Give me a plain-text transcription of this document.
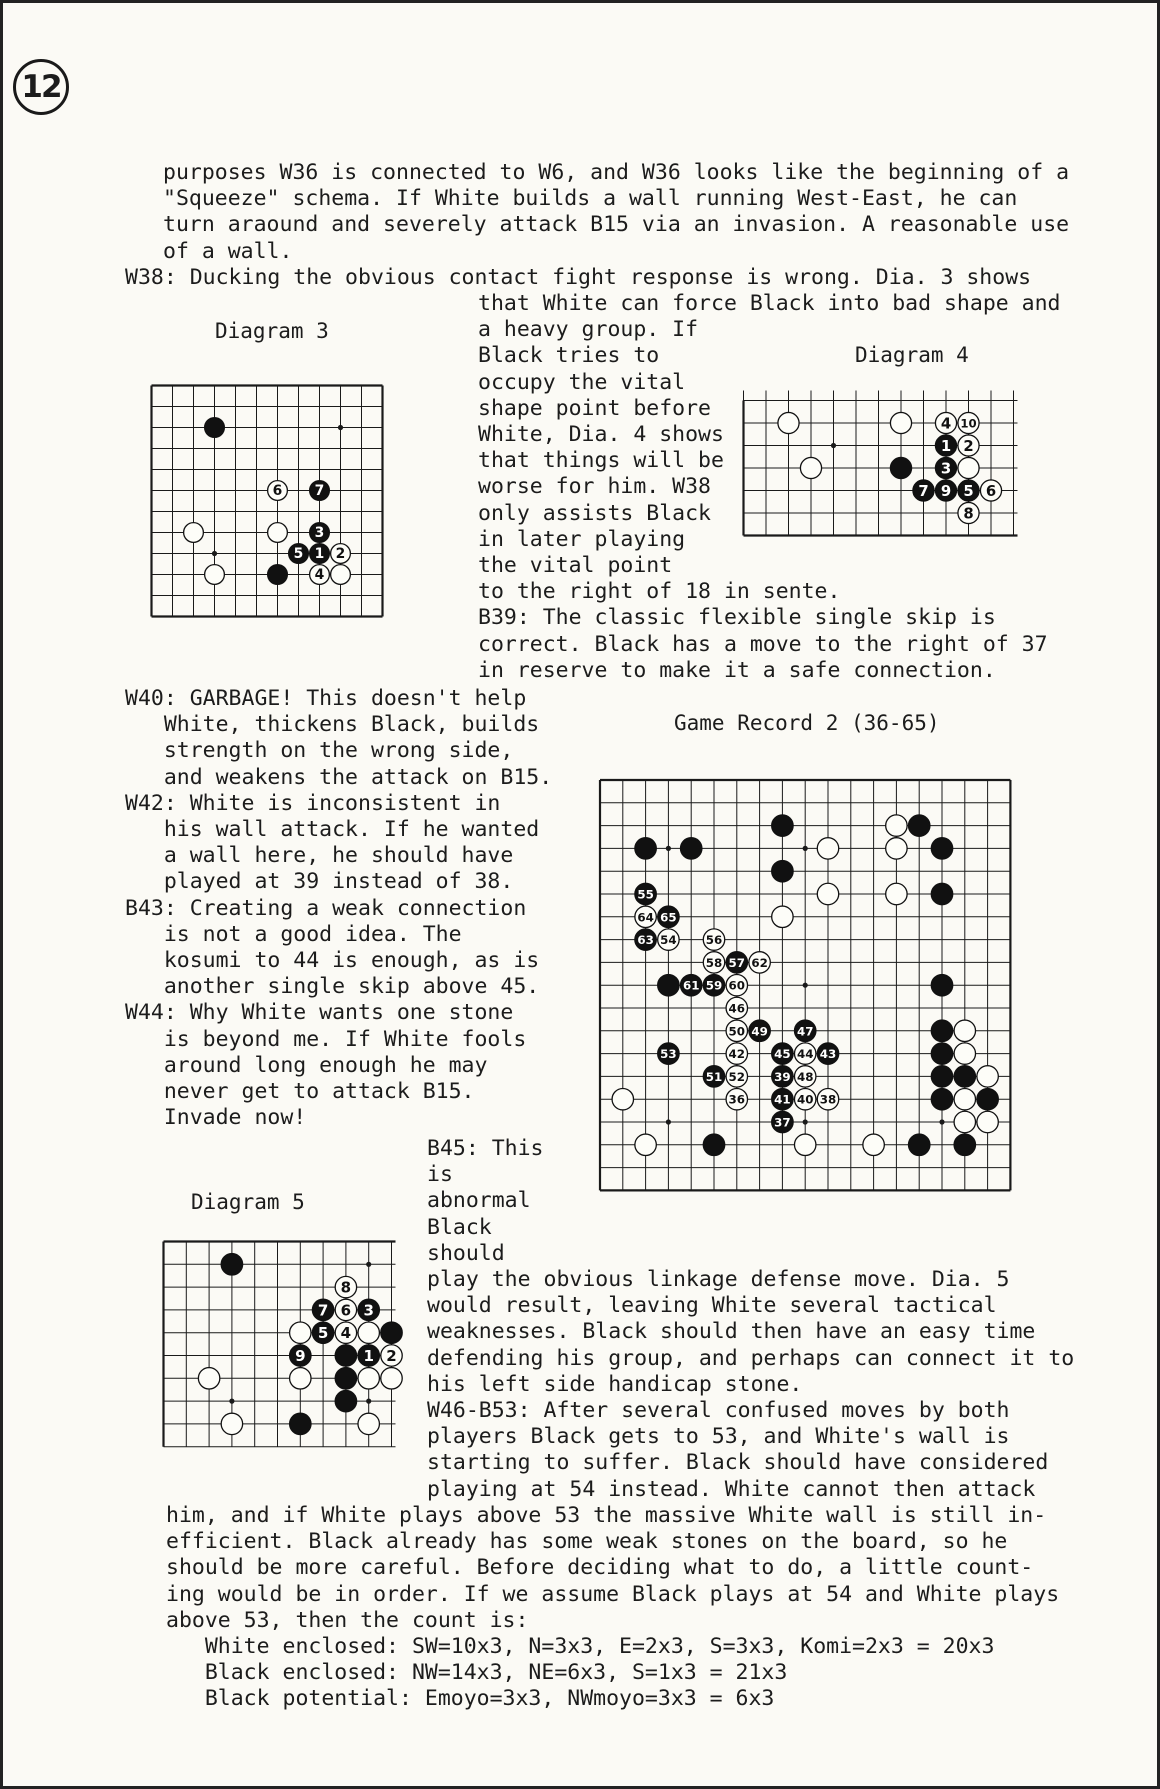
12
purposes W36 is connected to W6, and W36 looks like the beginning of a
"Squeeze" schema. If White builds a wall running West-East, he can
turn araound and severely attack B15 via an invasion. A reasonable use
of a wall.
W38: Ducking the obvious contact fight response is wrong. Dia. 3 shows
that White can force Black into bad shape and
a heavy group. If
Black tries to
occupy the vital
shape point before
White, Dia. 4 shows
that things will be
worse for him. W38
only assists Black
in later playing
the vital point
to the right of 18 in sente.
B39: The classic flexible single skip is
correct. Black has a move to the right of 37
in reserve to make it a safe connection.
W40: GARBAGE! This doesn't help
White, thickens Black, builds
strength on the wrong side,
and weakens the attack on B15.
W42: White is inconsistent in
his wall attack. If he wanted
a wall here, he should have
played at 39 instead of 38.
B43: Creating a weak connection
is not a good idea. The
kosumi to 44 is enough, as is
another single skip above 45.
W44: Why White wants one stone
is beyond me. If White fools
around long enough he may
never get to attack B15.
Invade now!
B45: This
is
abnormal
Black
should
play the obvious linkage defense move. Dia. 5
would result, leaving White several tactical
weaknesses. Black should then have an easy time
defending his group, and perhaps can connect it to
his left side handicap stone.
W46-B53: After several confused moves by both
players Black gets to 53, and White's wall is
starting to suffer. Black should have considered
playing at 54 instead. White cannot then attack
him, and if White plays above 53 the massive White wall is still in-
efficient. Black already has some weak stones on the board, so he
should be more careful. Before deciding what to do, a little count-
ing would be in order. If we assume Black plays at 54 and White plays
above 53, then the count is:
White enclosed: SW=10x3, N=3x3, E=2x3, S=3x3, Komi=2x3 = 20x3
Black enclosed: NW=14x3, NE=6x3, S=1x3 = 21x3
Black potential: Emoyo=3x3, NWmoyo=3x3 = 6x3
Diagram 3
Diagram 4
Diagram 5
Game Record 2 (36-65)
6 7
3
5 1 2
4
4 10
1 2
3
7 9 5 6
8
8
7 6 3
5 4
9	1 2
55
64 65
63 54 56
58 57 62
61 59 60
46
50 49 47
53	42 45 44 43
51 52 39 48
36 41 40 38
37
